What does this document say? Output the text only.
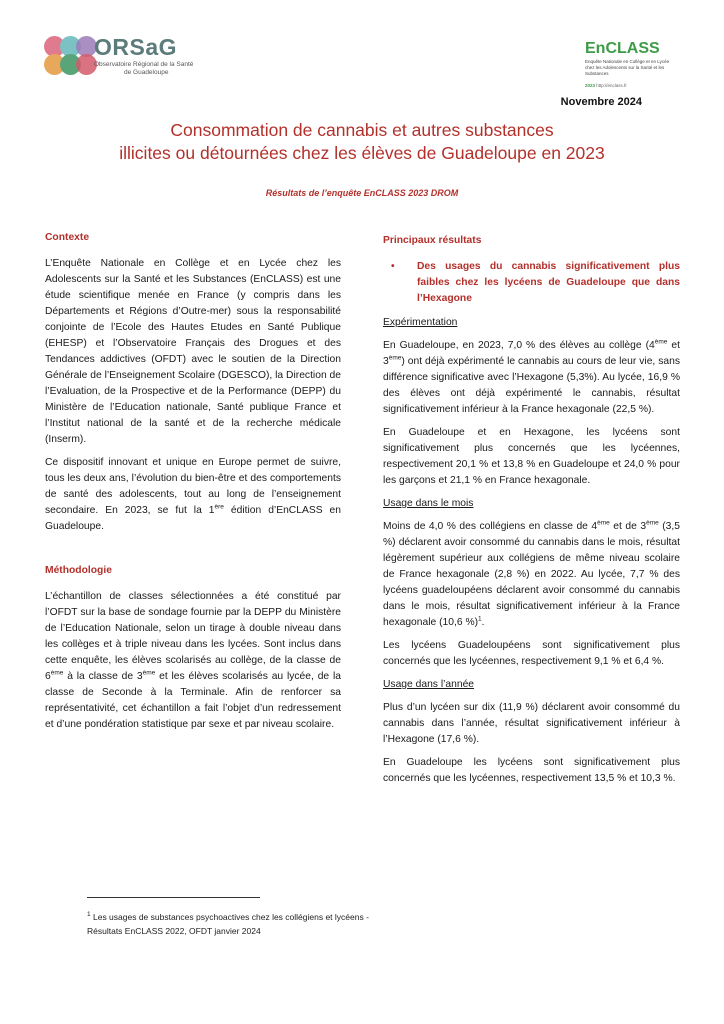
ORSaG
Observatoire Régional de la Santé
de Guadeloupe
EnCLASS
Enquête Nationale en Collège et en Lycée
chez les Adolescents sur la Santé et les Substances
2023 http://enclass.fr
Novembre 2024
Consommation de cannabis et autres substances
illicites ou détournées chez les élèves de Guadeloupe en 2023
Résultats de l’enquête EnCLASS 2023 DROM
Contexte

L’Enquête Nationale en Collège et en Lycée chez les Adolescents sur la Santé et les Substances (EnCLASS) est une étude scientifique menée en France (y compris dans les Départements et Régions d’Outre-mer) sous la responsabilité conjointe de l’Ecole des Hautes Etudes en Santé Publique (EHESP) et l’Observatoire Français des Drogues et des Tendances addictives (OFDT) avec le soutien de la Direction Générale de l’Enseignement Scolaire (DGESCO), la Direction de l’Evaluation, de la Prospective et de la Performance (DEPP) du Ministère de l’Education nationale, Santé publique France et l’Institut national de la santé et de la recherche médicale (Inserm).

Ce dispositif innovant et unique en Europe permet de suivre, tous les deux ans, l’évolution du bien-être et des comportements de santé des adolescents, tout au long de l’enseignement secondaire. En 2023, se fut la 1ère édition d’EnCLASS en Guadeloupe.

Méthodologie

L’échantillon de classes sélectionnées a été constitué par l’OFDT sur la base de sondage fournie par la DEPP du Ministère de l’Education Nationale, selon un tirage à double niveau dans les collèges et à triple niveau dans les lycées. Sont inclus dans cette enquête, les élèves scolarisés au collège, de la classe de 6ème à la classe de 3ème et les élèves scolarisés au lycée, de la classe de Seconde à la Terminale. Afin de renforcer sa représentativité, cet échantillon a fait l’objet d’un redressement et d’une pondération statistique par sexe et par niveau scolaire.

Principaux résultats
•	Des usages du cannabis significativement plus faibles chez les lycéens de Guadeloupe que dans l’Hexagone
Expérimentation

En Guadeloupe, en 2023, 7,0 % des élèves au collège (4ème et 3ème) ont déjà expérimenté le cannabis au cours de leur vie, sans différence significative avec l’Hexagone (5,3%). Au lycée, 16,9 % des élèves ont déjà expérimenté le cannabis, résultat significativement inférieur à la France hexagonale (22,5 %).

En Guadeloupe et en Hexagone, les lycéens sont significativement plus concernés que les lycéennes, respectivement 20,1 % et 13,8 % en Guadeloupe et 24,0 % pour les garçons et 21,1 % en France hexagonale.

Usage dans le mois

Moins de 4,0 % des collégiens en classe de 4ème et de 3ème (3,5 %) déclarent avoir consommé du cannabis dans le mois, résultat légèrement supérieur aux collégiens de même niveau scolaire de France hexagonale (2,8 %) en 2022. Au lycée, 7,7 % des lycéens guadeloupéens déclarent avoir consommé du cannabis dans le mois, résultat significativement inférieur à la France hexagonale (10,6 %)$^1$.

Les lycéens Guadeloupéens sont significativement plus concernés que les lycéennes, respectivement 9,1 % et 6,4 %.

Usage dans l’année

Plus d’un lycéen sur dix (11,9 %) déclarent avoir consommé du cannabis dans l’année, résultat significativement inférieur à l’Hexagone (17,6 %).

En Guadeloupe les lycéens sont significativement plus concernés que les lycéennes, respectivement 13,5 % et 10,3 %.

$^1$ Les usages de substances psychoactives chez les collégiens et lycéens - Résultats EnCLASS 2022, OFDT janvier 2024
